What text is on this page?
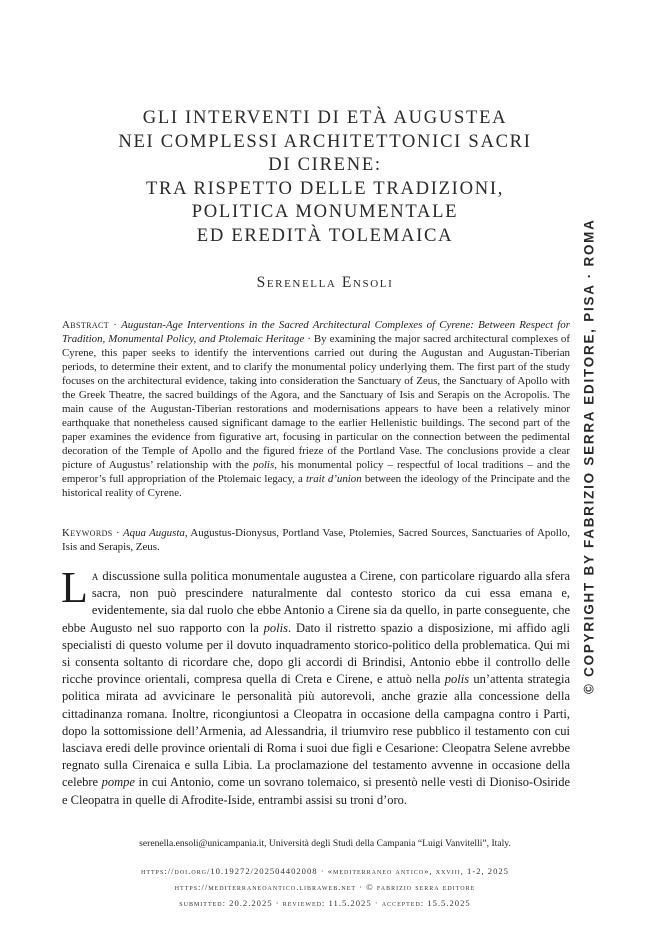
GLI INTERVENTI DI ETÀ AUGUSTEA
NEI COMPLESSI ARCHITETTONICI SACRI
DI CIRENE:
TRA RISPETTO DELLE TRADIZIONI,
POLITICA MONUMENTALE
ED EREDITÀ TOLEMAICA
Serenella Ensoli

Abstract · Augustan-Age Interventions in the Sacred Architectural Complexes of Cyrene: Between Respect for Tradition, Monumental Policy, and Ptolemaic Heritage · By examining the major sacred architectural complexes of Cyrene, this paper seeks to identify the interventions carried out during the Augustan and Augustan-Tiberian periods, to determine their extent, and to clarify the monumental policy underlying them. The first part of the study focuses on the architectural evidence, taking into consideration the Sanctuary of Zeus, the Sanctuary of Apollo with the Greek Theatre, the sacred buildings of the Agora, and the Sanctuary of Isis and Serapis on the Acropolis. The main cause of the Augustan-Tiberian restorations and modernisations appears to have been a relatively minor earthquake that nonetheless caused significant damage to the earlier Hellenistic buildings. The second part of the paper examines the evidence from figurative art, focusing in particular on the connection between the pedimental decoration of the Temple of Apollo and the figured frieze of the Portland Vase. The conclusions provide a clear picture of Augustus’ relationship with the polis, his monumental policy – respectful of local traditions – and the emperor’s full appropriation of the Ptolemaic legacy, a trait d’union between the ideology of the Principate and the historical reality of Cyrene.

Keywords · Aqua Augusta, Augustus-Dionysus, Portland Vase, Ptolemies, Sacred Sources, Sanctuaries of Apollo, Isis and Serapis, Zeus.

La discussione sulla politica monumentale augustea a Cirene, con particolare riguardo alla sfera sacra, non può prescindere naturalmente dal contesto storico da cui essa emana e, evidentemente, sia dal ruolo che ebbe Antonio a Cirene sia da quello, in parte conseguente, che ebbe Augusto nel suo rapporto con la polis. Dato il ristretto spazio a disposizione, mi affido agli specialisti di questo volume per il dovuto inquadramento storico-politico della problematica. Qui mi si consenta soltanto di ricordare che, dopo gli accordi di Brindisi, Antonio ebbe il controllo delle ricche province orientali, compresa quella di Creta e Cirene, e attuò nella polis un’attenta strategia politica mirata ad avvicinare le personalità più autorevoli, anche grazie alla concessione della cittadinanza romana. Inoltre, ricongiuntosi a Cleopatra in occasione della campagna contro i Parti, dopo la sottomissione dell’Armenia, ad Alessandria, il triumviro rese pubblico il testamento con cui lasciava eredi delle province orientali di Roma i suoi due figli e Cesarione: Cleopatra Selene avrebbe regnato sulla Cirenaica e sulla Libia. La proclamazione del testamento avvenne in occasione della celebre pompe in cui Antonio, come un sovrano tolemaico, si presentò nelle vesti di Dioniso-Osiride e Cleopatra in quelle di Afrodite-Iside, entrambi assisi su troni d’oro.

serenella.ensoli@unicampania.it, Università degli Studi della Campania “Luigi Vanvitelli”, Italy.
https://doi.org/10.19272/202504402008 · «mediterraneo antico», xxviii, 1-2, 2025
https://mediterraneoantico.libraweb.net · © fabrizio serra editore
submitted: 20.2.2025 · reviewed: 11.5.2025 · accepted: 15.5.2025
© COPYRIGHT BY FABRIZIO SERRA EDITORE, PISA · ROMA
